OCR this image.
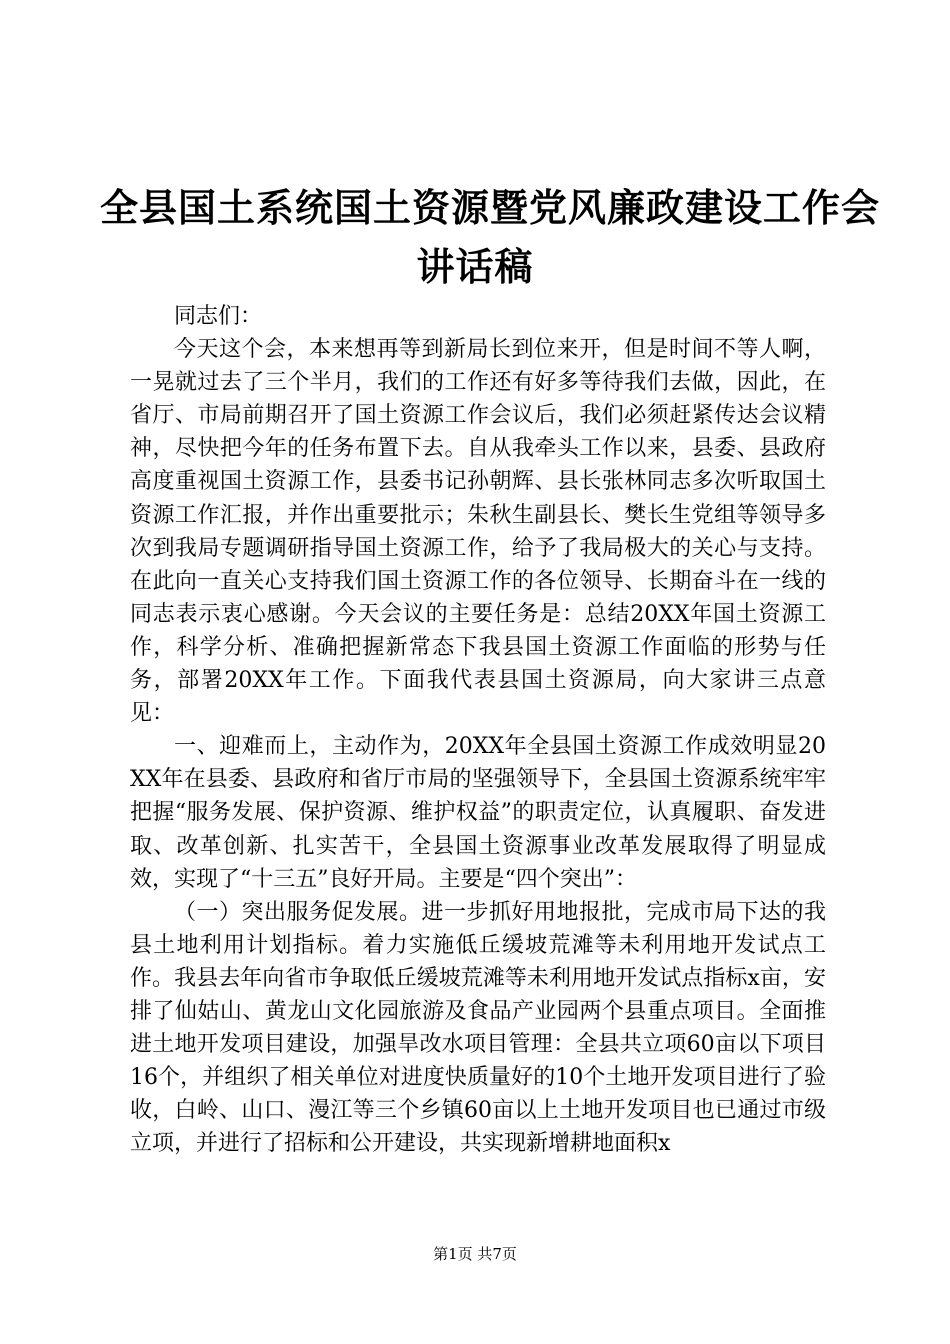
全县国土系统国土资源暨党风廉政建设工作会
讲话稿

同志们：

今天这个会，本来想再等到新局长到位来开，但是时间不等人啊，一晃就过去了三个半月，我们的工作还有好多等待我们去做，因此，在省厅、市局前期召开了国土资源工作会议后，我们必须赶紧传达会议精神，尽快把今年的任务布置下去。自从我牵头工作以来，县委、县政府高度重视国土资源工作，县委书记孙朝辉、县长张林同志多次听取国土资源工作汇报，并作出重要批示；朱秋生副县长、樊长生党组等领导多次到我局专题调研指导国土资源工作，给予了我局极大的关心与支持。在此向一直关心支持我们国土资源工作的各位领导、长期奋斗在一线的同志表示衷心感谢。今天会议的主要任务是：总结20XX年国土资源工作，科学分析、准确把握新常态下我县国土资源工作面临的形势与任务，部署20XX年工作。下面我代表县国土资源局，向大家讲三点意见：

一、迎难而上，主动作为，20XX年全县国土资源工作成效明显20XX年在县委、县政府和省厅市局的坚强领导下，全县国土资源系统牢牢把握“服务发展、保护资源、维护权益”的职责定位，认真履职、奋发进取、改革创新、扎实苦干，全县国土资源事业改革发展取得了明显成效，实现了“十三五”良好开局。主要是“四个突出”：

（一）突出服务促发展。进一步抓好用地报批，完成市局下达的我县土地利用计划指标。着力实施低丘缓坡荒滩等未利用地开发试点工作。我县去年向省市争取低丘缓坡荒滩等未利用地开发试点指标x亩，安排了仙姑山、黄龙山文化园旅游及食品产业园两个县重点项目。全面推进土地开发项目建设，加强旱改水项目管理：全县共立项60亩以下项目16个，并组织了相关单位对进度快质量好的10个土地开发项目进行了验收，白岭、山口、漫江等三个乡镇60亩以上土地开发项目也已通过市级立项，并进行了招标和公开建设，共实现新增耕地面积x

第1页 共7页
